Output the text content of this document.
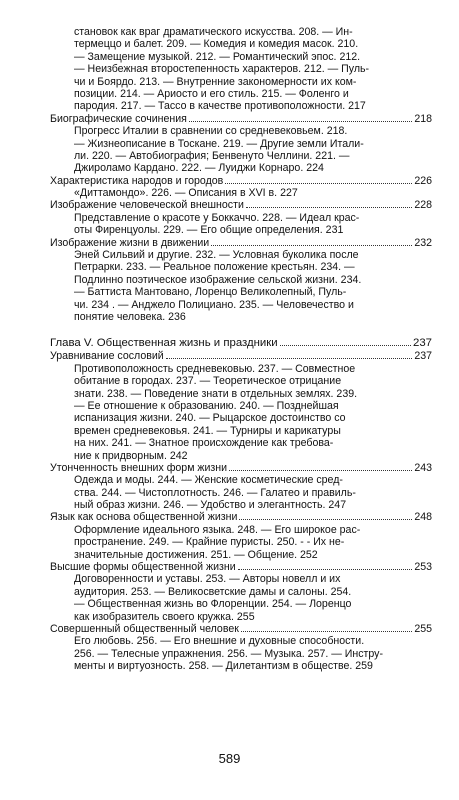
становок как враг драматического искусства. 208. — Ин-
термеццо и балет. 209. — Комедия и комедия масок. 210.
— Замещение музыкой. 212. — Романтический эпос. 212.
— Неизбежная второстепенность характеров. 212. — Пуль-
чи и Боярдо. 213. — Внутренние закономерности их ком-
позиции. 214. — Ариосто и его стиль. 215. — Фоленго и
пародия. 217. — Тассо в качестве противоположности. 217
Биографические сочинения	218
Прогресс Италии в сравнении со средневековьем. 218.
— Жизнеописание в Тоскане. 219. — Другие земли Итали-
ли. 220. — Автобиография; Бенвенуто Челлини. 221. —
Джироламо Кардано. 222. — Луиджи Корнаро. 224
Характеристика народов и городов	226
«Диттамондо». 226. — Описания в XVI в. 227
Изображение человеческой внешности	228
Представление о красоте у Боккаччо. 228. — Идеал крас-
оты Фиренцуолы. 229. — Его общие определения. 231
Изображение жизни в движении	232
Эней Сильвий и другие. 232. — Условная буколика после
Петрарки. 233. — Реальное положение крестьян. 234. —
Подлинно поэтическое изображение сельской жизни. 234.
— Баттиста Мантовано, Лоренцо Великолепный, Пуль-
чи. 234 . — Анджело Полициано. 235. — Человечество и
понятие человека. 236
Глава V. Общественная жизнь и праздники	237
Уравнивание сословий	237
Противоположность средневековью. 237. — Совместное
обитание в городах. 237. — Теоретическое отрицание
знати. 238. — Поведение знати в отдельных землях. 239.
— Ее отношение к образованию. 240. — Позднейшая
испанизация жизни. 240. — Рыцарское достоинство со
времен средневековья. 241. — Турниры и карикатуры
на них. 241. — Знатное происхождение как требова-
ние к придворным. 242
Утонченность внешних форм жизни	243
Одежда и моды. 244. — Женские косметические сред-
ства. 244. — Чистоплотность. 246. — Галатео и правиль-
ный образ жизни. 246. — Удобство и элегантность. 247
Язык как основа общественной жизни	248
Оформление идеального языка. 248. — Его широкое рас-
пространение. 249. — Крайние пуристы. 250. - - Их не-
значительные достижения. 251. — Общение. 252
Высшие формы общественной жизни	253
Договоренности и уставы. 253. — Авторы новелл и их
аудитория. 253. — Великосветские дамы и салоны. 254.
— Общественная жизнь во Флоренции. 254. — Лоренцо
как изобразитель своего кружка. 255
Совершенный общественный человек	255
Его любовь. 256. — Его внешние и духовные способности.
256. — Телесные упражнения. 256. — Музыка. 257. — Инстру-
менты и виртуозность. 258. — Дилетантизм в обществе. 259
589
